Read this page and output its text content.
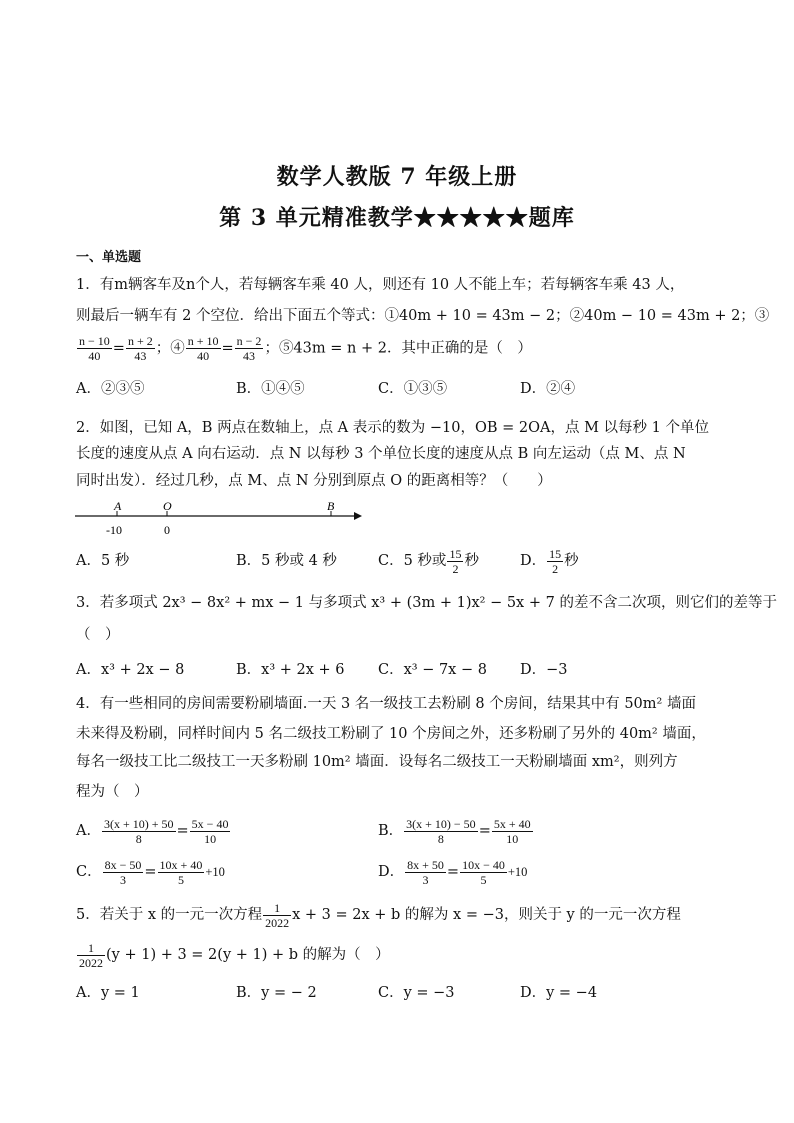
数学人教版 7 年级上册
第 3 单元精准教学★★★★★题库
一、单选题
1．有m辆客车及n个人，若每辆客车乘 40 人，则还有 10 人不能上车；若每辆客车乘 43 人，
则最后一辆车有 2 个空位．给出下面五个等式：①40m + 10 = 43m − 2；②40m − 10 = 43m + 2；③
$\frac{n - 10}{40} = \frac{n + 2}{43}$ ；④ $\frac{n + 10}{40} = \frac{n - 2}{43}$ ；⑤43m = n + 2．其中正确的是（　）
A．②③⑤	B．①④⑤	C．①③⑤	D．②④
2．如图，已知 A，B 两点在数轴上，点 A 表示的数为 −10，OB = 2OA，点 M 以每秒 1 个单位
长度的速度从点 A 向右运动．点 N 以每秒 3 个单位长度的速度从点 B 向左运动（点 M、点 N
同时出发）．经过几秒，点 M、点 N 分别到原点 O 的距离相等？（　　）
A	O	B
-10	0
A．5 秒	B．5 秒或 4 秒	C．5 秒或 $\frac{15}{2}$ 秒	D． $\frac{15}{2}$ 秒
3．若多项式 2x³ − 8x² + mx − 1 与多项式 x³ + (3m + 1)x² − 5x + 7 的差不含二次项，则它们的差等于
（　）
A．x³ + 2x − 8	B．x³ + 2x + 6 C．x³ − 7x − 8 D．−3
4．有一些相同的房间需要粉刷墙面.一天 3 名一级技工去粉刷 8 个房间，结果其中有 50m² 墙面
未来得及粉刷，同样时间内 5 名二级技工粉刷了 10 个房间之外，还多粉刷了另外的 40m² 墙面，
每名一级技工比二级技工一天多粉刷 10m² 墙面．设每名二级技工一天粉刷墙面 xm²，则列方
程为（　）
A． $\frac{3(x + 10) + 50}{8} = \frac{5x - 40}{10}$	B． $\frac{3(x + 10) - 50}{8} = \frac{5x + 40}{10}$
C． $\frac{8x - 50}{3} = \frac{10x + 40}{5} +10$	D． $\frac{8x + 50}{3} = \frac{10x - 40}{5} +10$
5．若关于 x 的一元一次方程 $\frac{1}{2022}$ x + 3 = 2x + b 的解为 x = −3，则关于 y 的一元一次方程
$\frac{1}{2022} (y + 1) + 3 = 2(y + 1) + b$ 的解为（　）
A．y = 1	B．y = − 2	C．y = −3	D．y = −4
